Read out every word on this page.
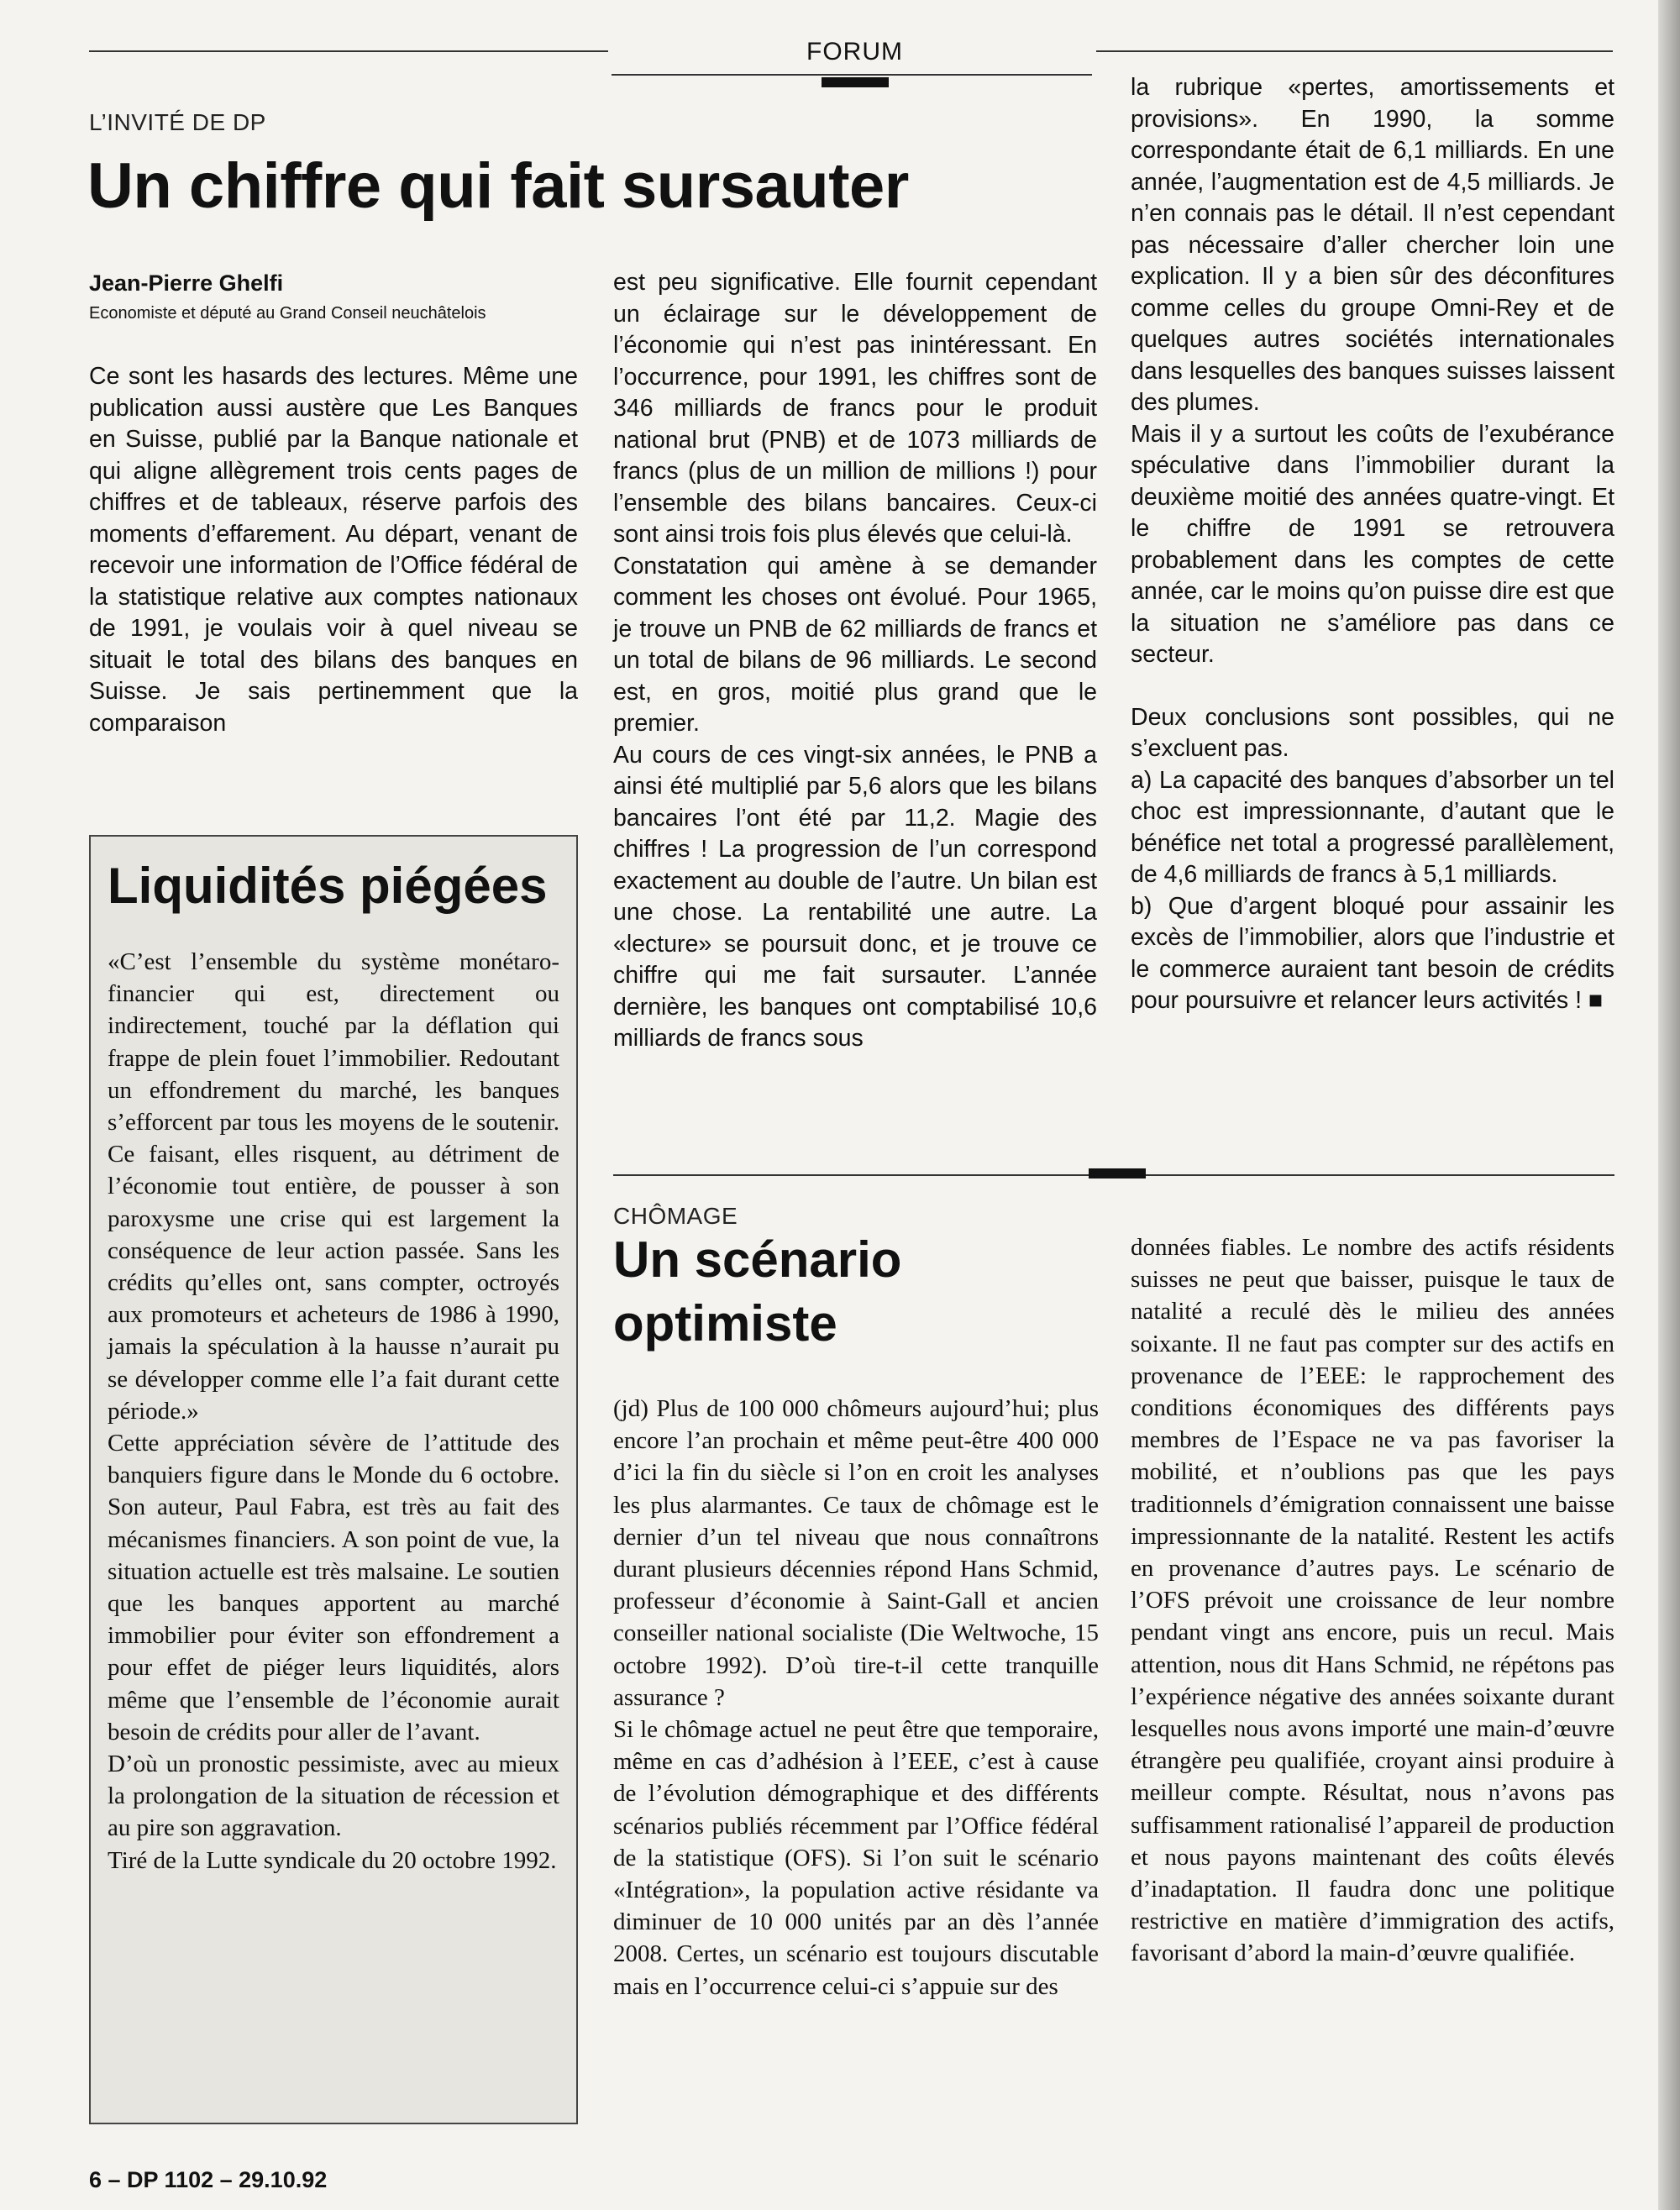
FORUM
L’INVITÉ DE DP
Un chiffre qui fait sursauter
Jean-Pierre Ghelfi
Economiste et député au Grand Conseil neuchâtelois

Ce sont les hasards des lectures. Même une publication aussi austère que Les Banques en Suisse, publié par la Banque nationale et qui aligne allègrement trois cents pages de chiffres et de tableaux, réserve parfois des moments d’effarement. Au départ, venant de recevoir une information de l’Office fédéral de la statistique relative aux comptes nationaux de 1991, je voulais voir à quel niveau se situait le total des bilans des banques en Suisse. Je sais pertinemment que la comparaison

est peu significative. Elle fournit cependant un éclairage sur le développement de l’économie qui n’est pas inintéressant. En l’occurrence, pour 1991, les chiffres sont de 346 milliards de francs pour le produit national brut (PNB) et de 1073 milliards de francs (plus de un million de millions !) pour l’ensemble des bilans bancaires. Ceux-ci sont ainsi trois fois plus élevés que celui-là.

Constatation qui amène à se demander comment les choses ont évolué. Pour 1965, je trouve un PNB de 62 milliards de francs et un total de bilans de 96 milliards. Le second est, en gros, moitié plus grand que le premier.

Au cours de ces vingt-six années, le PNB a ainsi été multiplié par 5,6 alors que les bilans bancaires l’ont été par 11,2. Magie des chiffres ! La progression de l’un correspond exactement au double de l’autre. Un bilan est une chose. La rentabilité une autre. La «lecture» se poursuit donc, et je trouve ce chiffre qui me fait sursauter. L’année dernière, les banques ont comptabilisé 10,6 milliards de francs sous

la rubrique «pertes, amortissements et provisions». En 1990, la somme correspondante était de 6,1 milliards. En une année, l’augmentation est de 4,5 milliards. Je n’en connais pas le détail. Il n’est cependant pas nécessaire d’aller chercher loin une explication. Il y a bien sûr des déconfitures comme celles du groupe Omni-Rey et de quelques autres sociétés internationales dans lesquelles des banques suisses laissent des plumes.

Mais il y a surtout les coûts de l’exubérance spéculative dans l’immobilier durant la deuxième moitié des années quatre-vingt. Et le chiffre de 1991 se retrouvera probablement dans les comptes de cette année, car le moins qu’on puisse dire est que la situation ne s’améliore pas dans ce secteur.

Deux conclusions sont possibles, qui ne s’excluent pas.

a) La capacité des banques d’absorber un tel choc est impressionnante, d’autant que le bénéfice net total a progressé parallèlement, de 4,6 milliards de francs à 5,1 milliards.

b) Que d’argent bloqué pour assainir les excès de l’immobilier, alors que l’industrie et le commerce auraient tant besoin de crédits pour poursuivre et relancer leurs activités ! ■

Liquidités piégées

«C’est l’ensemble du système monétaro-financier qui est, directement ou indirectement, touché par la déflation qui frappe de plein fouet l’immobilier. Redoutant un effondrement du marché, les banques s’efforcent par tous les moyens de le soutenir. Ce faisant, elles risquent, au détriment de l’économie tout entière, de pousser à son paroxysme une crise qui est largement la conséquence de leur action passée. Sans les crédits qu’elles ont, sans compter, octroyés aux promoteurs et acheteurs de 1986 à 1990, jamais la spéculation à la hausse n’aurait pu se développer comme elle l’a fait durant cette période.»

Cette appréciation sévère de l’attitude des banquiers figure dans le Monde du 6 octobre. Son auteur, Paul Fabra, est très au fait des mécanismes financiers. A son point de vue, la situation actuelle est très malsaine. Le soutien que les banques apportent au marché immobilier pour éviter son effondrement a pour effet de piéger leurs liquidités, alors même que l’ensemble de l’économie aurait besoin de crédits pour aller de l’avant.

D’où un pronostic pessimiste, avec au mieux la prolongation de la situation de récession et au pire son aggravation.

Tiré de la Lutte syndicale du 20 octobre 1992.

CHÔMAGE
Un scénario optimiste

(jd) Plus de 100 000 chômeurs aujourd’hui; plus encore l’an prochain et même peut-être 400 000 d’ici la fin du siècle si l’on en croit les analyses les plus alarmantes. Ce taux de chômage est le dernier d’un tel niveau que nous connaîtrons durant plusieurs décennies répond Hans Schmid, professeur d’économie à Saint-Gall et ancien conseiller national socialiste (Die Weltwoche, 15 octobre 1992). D’où tire-t-il cette tranquille assurance ?

Si le chômage actuel ne peut être que temporaire, même en cas d’adhésion à l’EEE, c’est à cause de l’évolution démographique et des différents scénarios publiés récemment par l’Office fédéral de la statistique (OFS). Si l’on suit le scénario «Intégration», la population active résidante va diminuer de 10 000 unités par an dès l’année 2008. Certes, un scénario est toujours discutable mais en l’occurrence celui-ci s’appuie sur des

données fiables. Le nombre des actifs résidents suisses ne peut que baisser, puisque le taux de natalité a reculé dès le milieu des années soixante. Il ne faut pas compter sur des actifs en provenance de l’EEE: le rapprochement des conditions économiques des différents pays membres de l’Espace ne va pas favoriser la mobilité, et n’oublions pas que les pays traditionnels d’émigration connaissent une baisse impressionnante de la natalité. Restent les actifs en provenance d’autres pays. Le scénario de l’OFS prévoit une croissance de leur nombre pendant vingt ans encore, puis un recul. Mais attention, nous dit Hans Schmid, ne répétons pas l’expérience négative des années soixante durant lesquelles nous avons importé une main-d’œuvre étrangère peu qualifiée, croyant ainsi produire à meilleur compte. Résultat, nous n’avons pas suffisamment rationalisé l’appareil de production et nous payons maintenant des coûts élevés d’inadaptation. Il faudra donc une politique restrictive en matière d’immigration des actifs, favorisant d’abord la main-d’œuvre qualifiée.

6 – DP 1102 – 29.10.92
